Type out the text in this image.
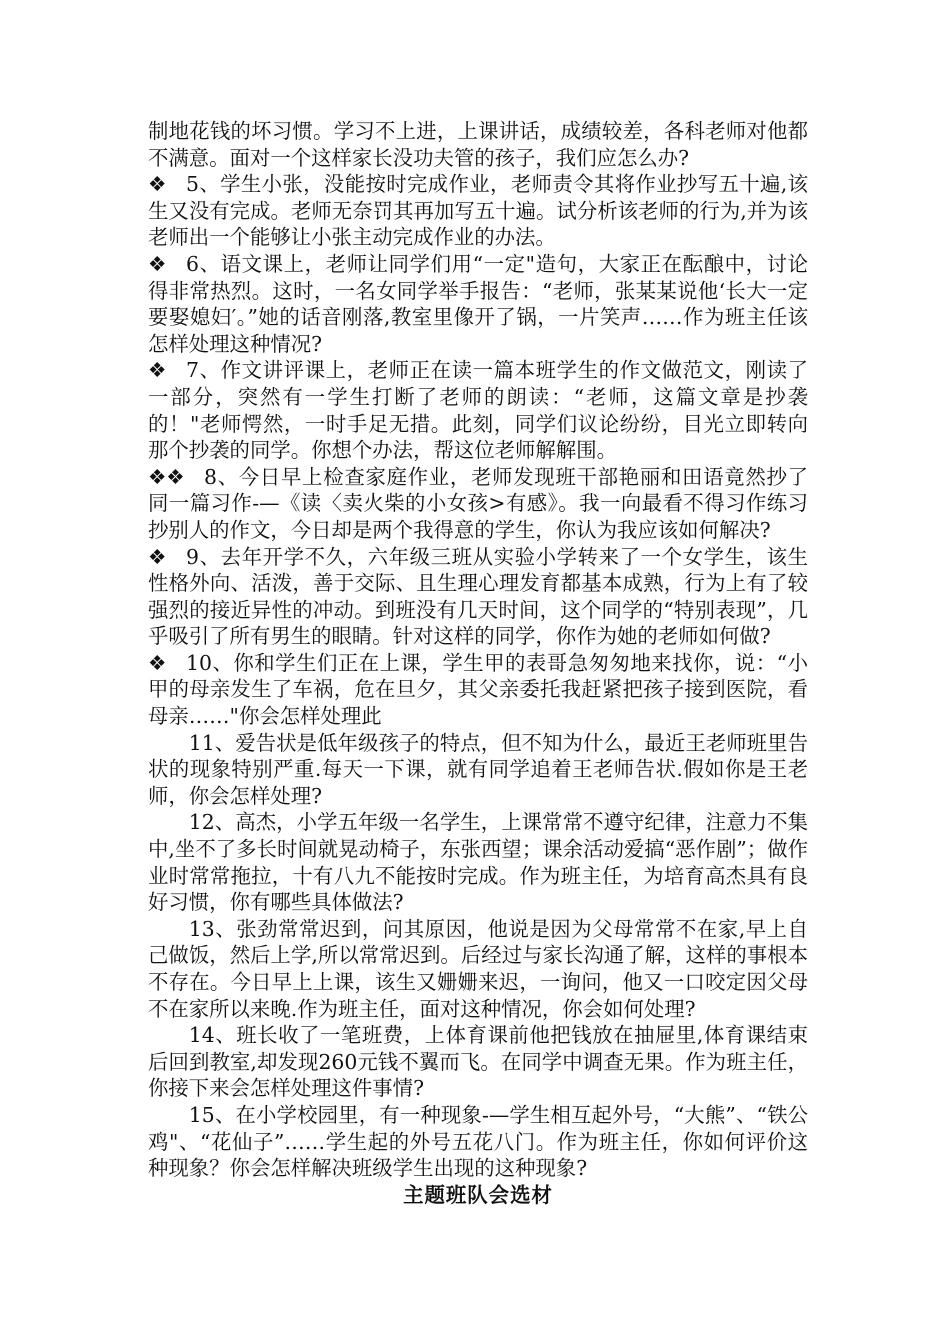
制地花钱的坏习惯。学习不上进，上课讲话，成绩较差，各科老师对他都不满意。面对一个这样家长没功夫管的孩子，我们应怎么办?

❖ 5、学生小张，没能按时完成作业，老师责令其将作业抄写五十遍,该生又没有完成。老师无奈罚其再加写五十遍。试分析该老师的行为,并为该老师出一个能够让小张主动完成作业的办法。

❖ 6、语文课上，老师让同学们用“一定"造句，大家正在酝酿中，讨论得非常热烈。这时，一名女同学举手报告：“老师，张某某说他‘长大一定要娶媳妇′。”她的话音刚落,教室里像开了锅，一片笑声……作为班主任该怎样处理这种情况?

❖ 7、作文讲评课上，老师正在读一篇本班学生的作文做范文，刚读了一部分，突然有一学生打断了老师的朗读：“老师，这篇文章是抄袭的！"老师愕然，一时手足无措。此刻，同学们议论纷纷，目光立即转向那个抄袭的同学。你想个办法，帮这位老师解解围。

❖❖ 8、今日早上检查家庭作业，老师发现班干部艳丽和田语竟然抄了同一篇习作-—《读〈卖火柴的小女孩>有感》。我一向最看不得习作练习抄别人的作文，今日却是两个我得意的学生，你认为我应该如何解决?

❖ 9、去年开学不久，六年级三班从实验小学转来了一个女学生，该生性格外向、活泼，善于交际、且生理心理发育都基本成熟，行为上有了较强烈的接近异性的冲动。到班没有几天时间，这个同学的“特别表现”，几乎吸引了所有男生的眼睛。针对这样的同学，你作为她的老师如何做?

❖ 10、你和学生们正在上课，学生甲的表哥急匆匆地来找你，说：“小甲的母亲发生了车祸，危在旦夕，其父亲委托我赶紧把孩子接到医院，看母亲……"你会怎样处理此

11、爱告状是低年级孩子的特点，但不知为什么，最近王老师班里告状的现象特别严重.每天一下课，就有同学追着王老师告状.假如你是王老师，你会怎样处理?

12、高杰，小学五年级一名学生，上课常常不遵守纪律，注意力不集中,坐不了多长时间就晃动椅子，东张西望；课余活动爱搞“恶作剧”；做作业时常常拖拉，十有八九不能按时完成。作为班主任，为培育高杰具有良好习惯，你有哪些具体做法?

13、张劲常常迟到，问其原因，他说是因为父母常常不在家,早上自己做饭，然后上学,所以常常迟到。后经过与家长沟通了解，这样的事根本不存在。今日早上上课，该生又姗姗来迟，一询问，他又一口咬定因父母不在家所以来晚.作为班主任，面对这种情况，你会如何处理?

14、班长收了一笔班费，上体育课前他把钱放在抽屉里,体育课结束后回到教室,却发现260元钱不翼而飞。在同学中调查无果。作为班主任，你接下来会怎样处理这件事情?

15、在小学校园里，有一种现象-—学生相互起外号，“大熊”、“铁公鸡"、“花仙子”……学生起的外号五花八门。作为班主任，你如何评价这种现象？你会怎样解决班级学生出现的这种现象?

主题班队会选材
